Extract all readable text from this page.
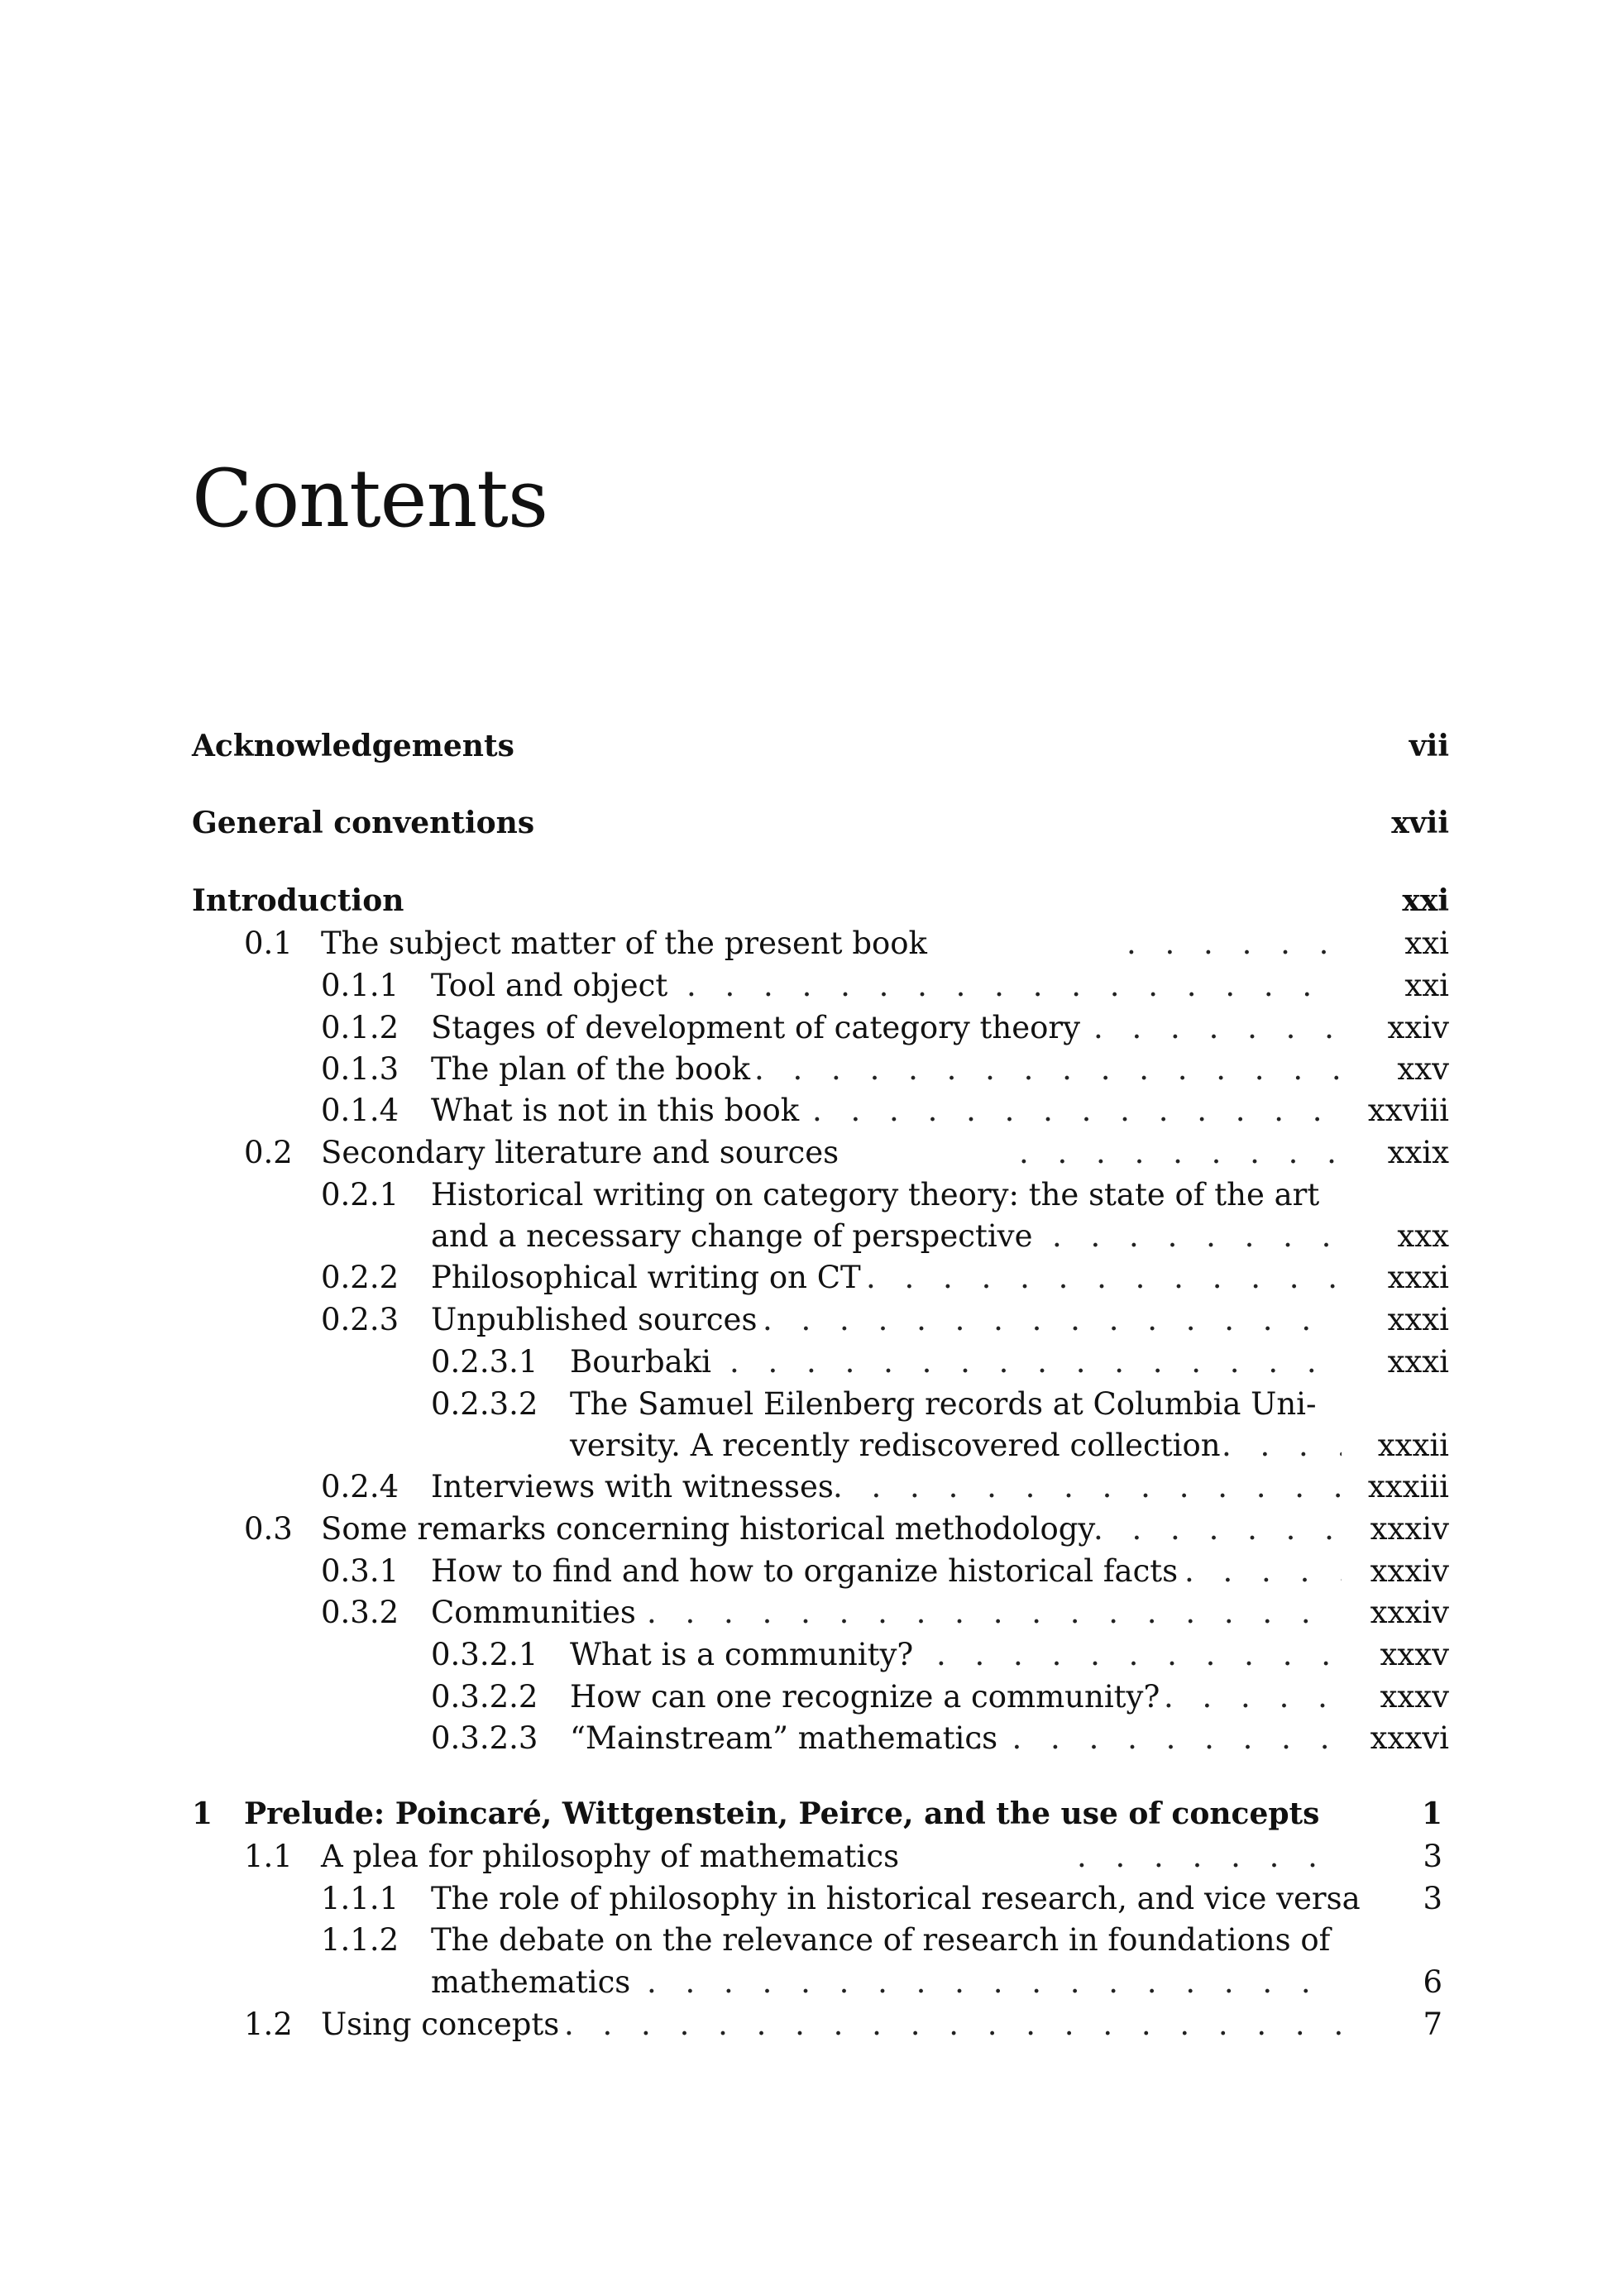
Contents
Acknowledgements	vii
General conventions	xvii
Introduction	xxi
0.1 The subject matter of the present book . . .	xxi
0.1.1 Tool and object . . .	xxi
0.1.2 Stages of development of category theory . . .	xxiv
0.1.3 The plan of the book . . .	xxv
0.1.4 What is not in this book . . .	xxviii
0.2 Secondary literature and sources . . .	xxix
0.2.1 Historical writing on category theory: the state of the art
and a necessary change of perspective . . .	xxx
0.2.2 Philosophical writing on CT . . .	xxxi
0.2.3 Unpublished sources . . .	xxxi
0.2.3.1 Bourbaki . . .	xxxi
0.2.3.2 The Samuel Eilenberg records at Columbia Uni-
versity. A recently rediscovered collection . . .	xxxii
0.2.4 Interviews with witnesses . . .	xxxiii
0.3 Some remarks concerning historical methodology . . .	xxxiv
0.3.1 How to find and how to organize historical facts . . .	xxxiv
0.3.2 Communities . . .	xxxiv
0.3.2.1 What is a community? . . .	xxxv
0.3.2.2 How can one recognize a community? . . .	xxxv
0.3.2.3 “Mainstream” mathematics . . .	xxxvi
1 Prelude: Poincaré, Wittgenstein, Peirce, and the use of concepts	1
1.1 A plea for philosophy of mathematics . . .	3
1.1.1 The role of philosophy in historical research, and vice versa 3
1.1.2 The debate on the relevance of research in foundations of
mathematics . . .	6
1.2 Using concepts . . .	7
